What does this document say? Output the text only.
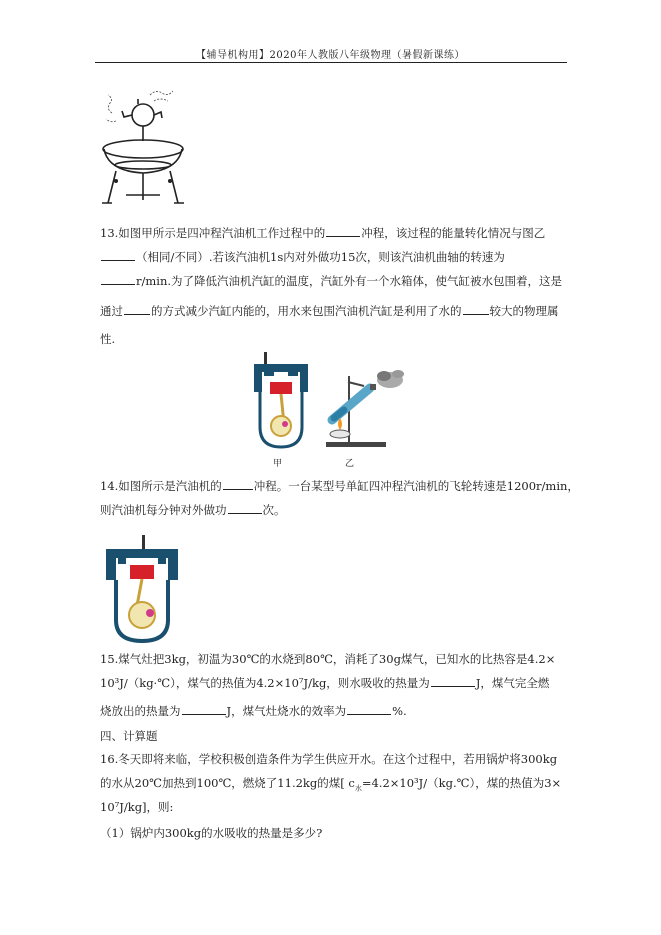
【辅导机构用】2020年人教版八年级物理（暑假新课练）
13.如图甲所示是四冲程汽油机工作过程中的	冲程，该过程的能量转化情况与图乙
（相同/不同）.若该汽油机1s内对外做功15次，则该汽油机曲轴的转速为
r/min.为了降低汽油机汽缸的温度，汽缸外有一个水箱体，使气缸被水包围着，这是
通过 的方式减少汽缸内能的，用水来包围汽油机汽缸是利用了水的 较大的物理属
性.
甲	乙
14.如图所示是汽油机的	冲程。一台某型号单缸四冲程汽油机的飞轮转速是1200r/min，
则汽油机每分钟对外做功	次。
15.煤气灶把3kg，初温为30℃的水烧到80℃，消耗了30g煤气，已知水的比热容是4.2×
10³J/（kg·℃），煤气的热值为4.2×10⁷J/kg，则水吸收的热量为	J，煤气完全燃
烧放出的热量为	J，煤气灶烧水的效率为	%.
四、计算题
16.冬天即将来临，学校积极创造条件为学生供应开水。在这个过程中，若用锅炉将300kg
的水从20℃加热到100℃，燃烧了11.2kg的煤[ $c_水=4.2\times 10^3J/(kg.℃)$，煤的热值为3×
10⁷J/kg]，则:
（1）锅炉内300kg的水吸收的热量是多少?
